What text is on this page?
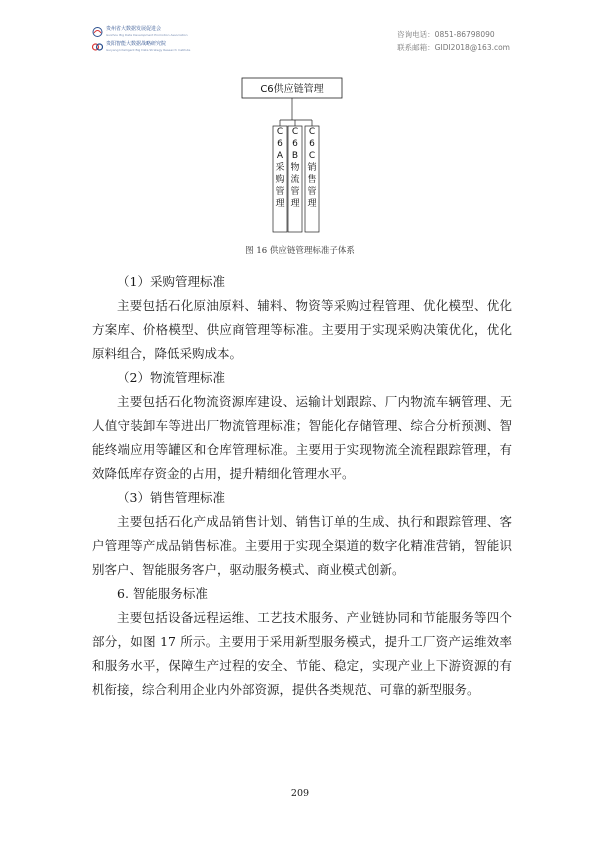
贵州省大数据发展促进会
Guizhou Big Data Development Promotion Association
贵阳智能大数据战略研究院
Guiyang Intelligent Big Data Strategy Research Institute
咨询电话：0851-86798090
联系邮箱：GIDI2018@163.com
C6供应链管理
C 6 A 采购管理
C 6 B 物流管理
C 6 C 销售管理
图 16 供应链管理标准子体系
（1）采购管理标准

主要包括石化原油原料、辅料、物资等采购过程管理、优化模型、优化方案库、价格模型、供应商管理等标准。主要用于实现采购决策优化，优化原料组合，降低采购成本。

（2）物流管理标准

主要包括石化物流资源库建设、运输计划跟踪、厂内物流车辆管理、无人值守装卸车等进出厂物流管理标准；智能化存储管理、综合分析预测、智能终端应用等罐区和仓库管理标准。主要用于实现物流全流程跟踪管理，有效降低库存资金的占用，提升精细化管理水平。

（3）销售管理标准

主要包括石化产成品销售计划、销售订单的生成、执行和跟踪管理、客户管理等产成品销售标准。主要用于实现全渠道的数字化精准营销，智能识别客户、智能服务客户，驱动服务模式、商业模式创新。

6. 智能服务标准

主要包括设备远程运维、工艺技术服务、产业链协同和节能服务等四个部分，如图 17 所示。主要用于采用新型服务模式，提升工厂资产运维效率和服务水平，保障生产过程的安全、节能、稳定，实现产业上下游资源的有机衔接，综合利用企业内外部资源，提供各类规范、可靠的新型服务。

209
